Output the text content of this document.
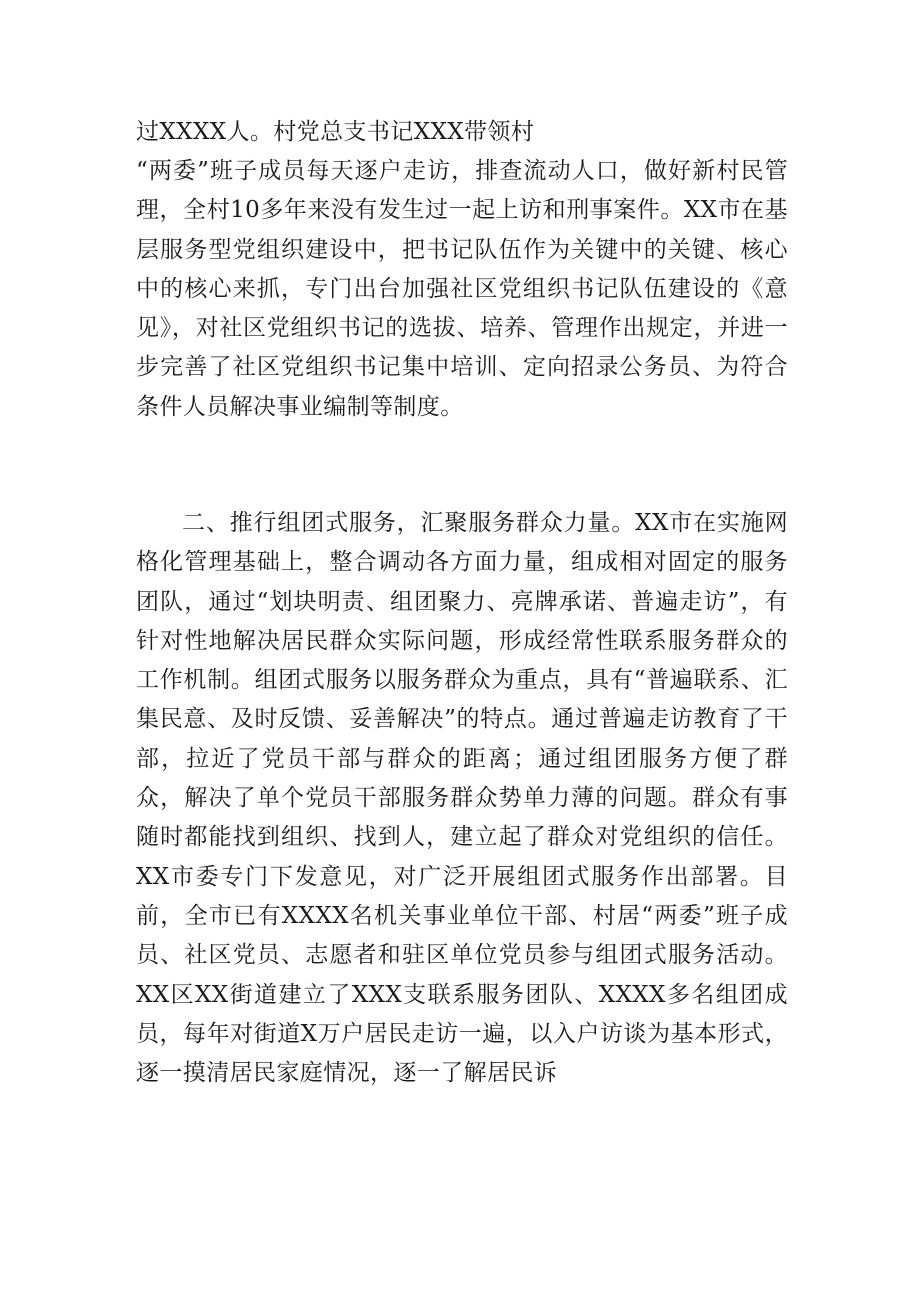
过XXXX人。村党总支书记XXX带领村

“两委”班子成员每天逐户走访，排查流动人口，做好新村民管理，全村10多年来没有发生过一起上访和刑事案件。XX市在基层服务型党组织建设中，把书记队伍作为关键中的关键、核心中的核心来抓，专门出台加强社区党组织书记队伍建设的《意见》，对社区党组织书记的选拔、培养、管理作出规定，并进一步完善了社区党组织书记集中培训、定向招录公务员、为符合条件人员解决事业编制等制度。

二、推行组团式服务，汇聚服务群众力量。XX市在实施网格化管理基础上，整合调动各方面力量，组成相对固定的服务团队，通过“划块明责、组团聚力、亮牌承诺、普遍走访”，有针对性地解决居民群众实际问题，形成经常性联系服务群众的工作机制。组团式服务以服务群众为重点，具有“普遍联系、汇集民意、及时反馈、妥善解决”的特点。通过普遍走访教育了干部，拉近了党员干部与群众的距离；通过组团服务方便了群众，解决了单个党员干部服务群众势单力薄的问题。群众有事随时都能找到组织、找到人，建立起了群众对党组织的信任。XX市委专门下发意见，对广泛开展组团式服务作出部署。目前，全市已有XXXX名机关事业单位干部、村居“两委”班子成员、社区党员、志愿者和驻区单位党员参与组团式服务活动。XX区XX街道建立了XXX支联系服务团队、XXXX多名组团成员，每年对街道X万户居民走访一遍，以入户访谈为基本形式，逐一摸清居民家庭情况，逐一了解居民诉
